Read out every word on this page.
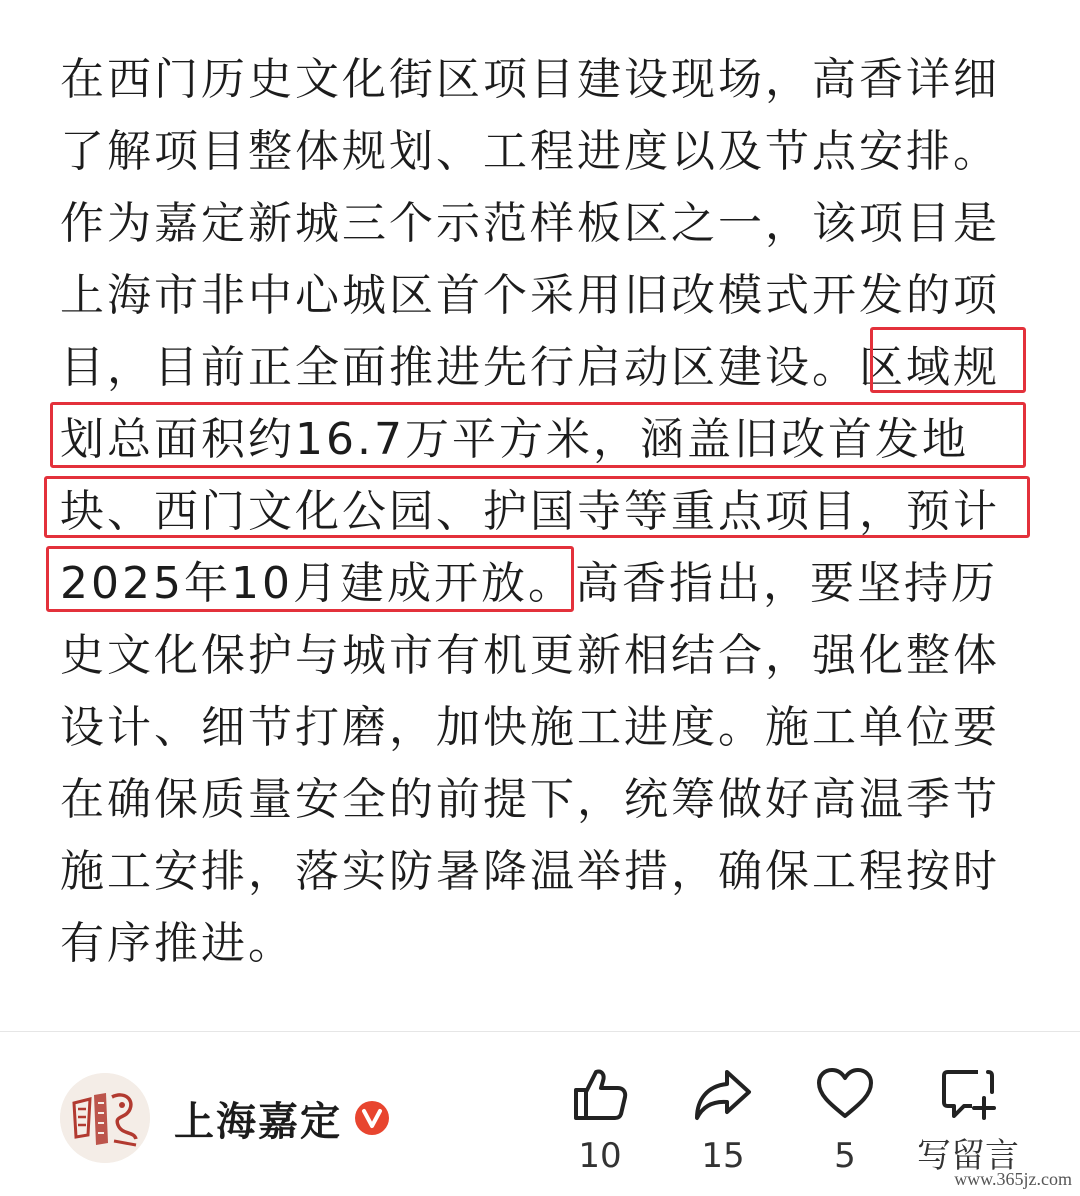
在西门历史文化街区项目建设现场，高香详细
了解项目整体规划、工程进度以及节点安排。
作为嘉定新城三个示范样板区之一，该项目是
上海市非中心城区首个采用旧改模式开发的项
目，目前正全面推进先行启动区建设。区域规
划总面积约16.7万平方米，涵盖旧改首发地
块、西门文化公园、护国寺等重点项目，预计
2025年10月建成开放。高香指出，要坚持历
史文化保护与城市有机更新相结合，强化整体
设计、细节打磨，加快施工进度。施工单位要
在确保质量安全的前提下，统筹做好高温季节
施工安排，落实防暑降温举措，确保工程按时
有序推进。
上海嘉定
10	15	5	写留言
www.365jz.com
